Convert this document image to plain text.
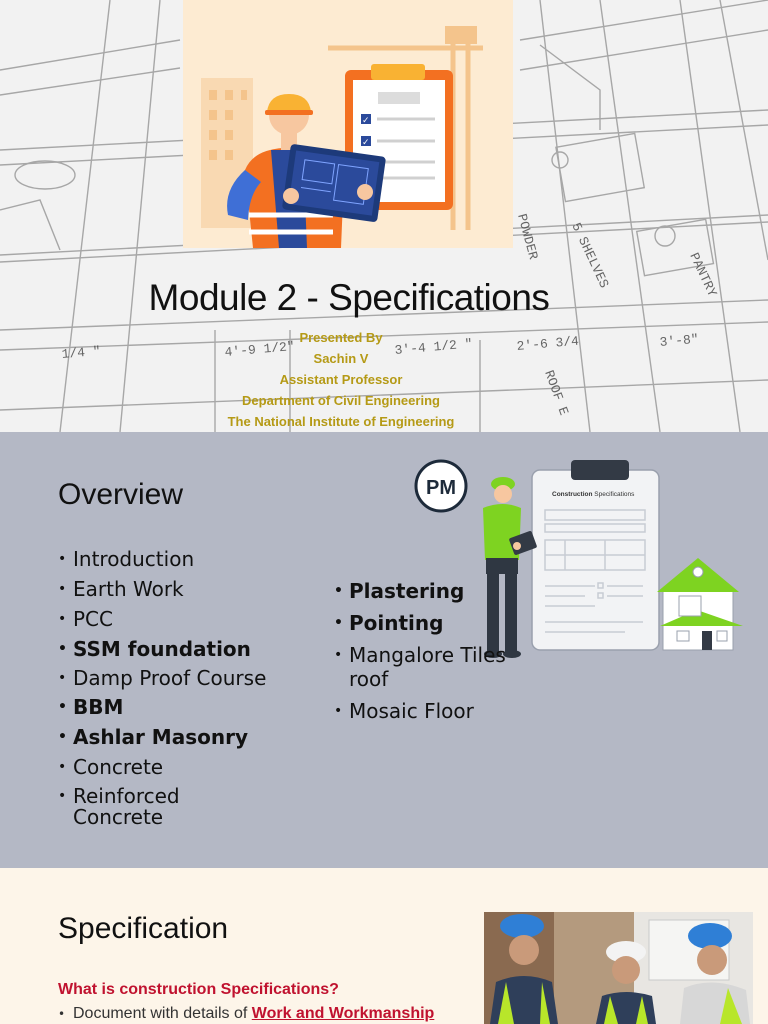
1/4 "	4'-9 1/2"	3'-4 1/2 "	2'-6 3/4	3'-8"
POWDER 5 SHELVES	PANTRY
ROOF E
✓
✓
Module 2 - Specifications
Presented By
Sachin V
Assistant Professor
Department of Civil Engineering
The National Institute of Engineering
PM	Construction Specifications
Overview
• Introduction
• Earth Work
• PCC
• SSM foundation
• Damp Proof Course
• BBM
• Ashlar Masonry
• Concrete
• Reinforced
Concrete
• Plastering
• Pointing
• Mangalore Tiles
roof
• Mosaic Floor
Specification
What is construction Specifications?
• Document with details of Work and Workmanship
